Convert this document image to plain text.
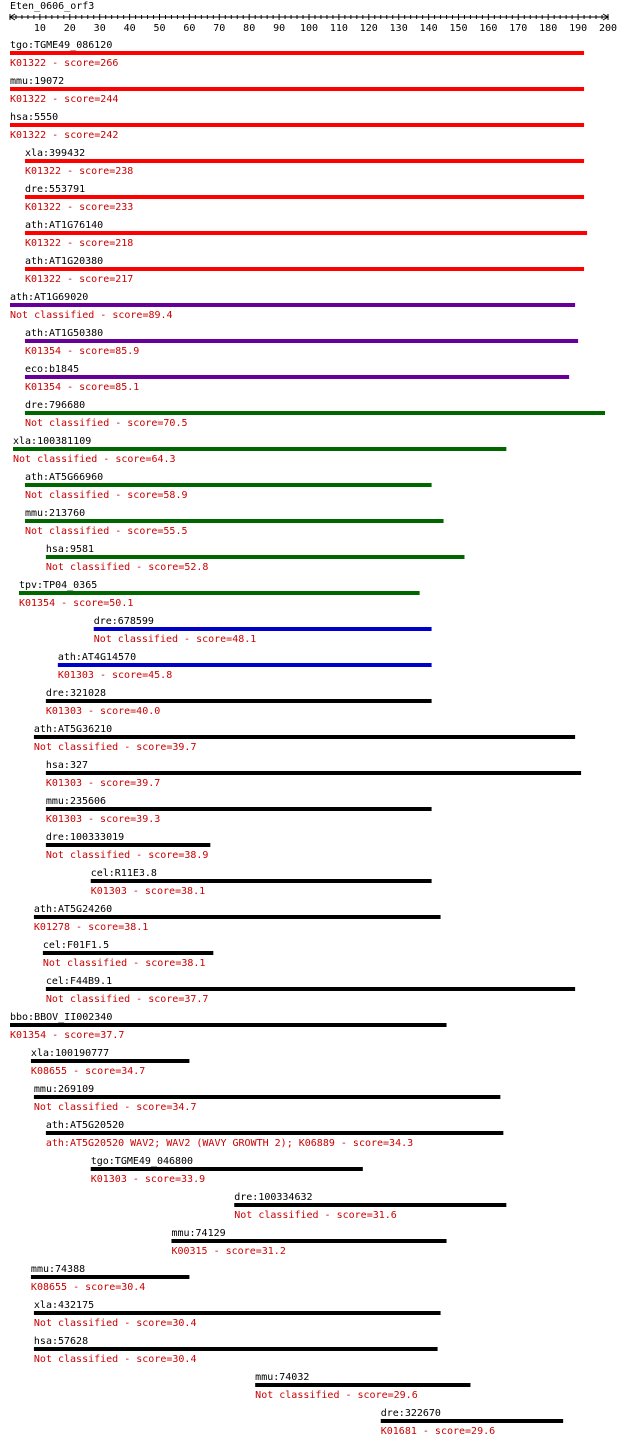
Eten_0606_orf3
10 20 30 40 50 60 70 80 90 100 110 120 130 140 150 160 170 180 190 200
tgo:TGME49_086120
K01322 - score=266
mmu:19072
K01322 - score=244
hsa:5550
K01322 - score=242
xla:399432
K01322 - score=238
dre:553791
K01322 - score=233
ath:AT1G76140
K01322 - score=218
ath:AT1G20380
K01322 - score=217
ath:AT1G69020
Not classified - score=89.4
ath:AT1G50380
K01354 - score=85.9
eco:b1845
K01354 - score=85.1
dre:796680
Not classified - score=70.5
xla:100381109
Not classified - score=64.3
ath:AT5G66960
Not classified - score=58.9
mmu:213760
Not classified - score=55.5
hsa:9581
Not classified - score=52.8
tpv:TP04_0365
K01354 - score=50.1
dre:678599
Not classified - score=48.1
ath:AT4G14570
K01303 - score=45.8
dre:321028
K01303 - score=40.0
ath:AT5G36210
Not classified - score=39.7
hsa:327
K01303 - score=39.7
mmu:235606
K01303 - score=39.3
dre:100333019
Not classified - score=38.9
cel:R11E3.8
K01303 - score=38.1
ath:AT5G24260
K01278 - score=38.1
cel:F01F1.5
Not classified - score=38.1
cel:F44B9.1
Not classified - score=37.7
bbo:BBOV_II002340
K01354 - score=37.7
xla:100190777
K08655 - score=34.7
mmu:269109
Not classified - score=34.7
ath:AT5G20520
ath:AT5G20520 WAV2; WAV2 (WAVY GROWTH 2); K06889 - score=34.3
tgo:TGME49_046800
K01303 - score=33.9
dre:100334632
Not classified - score=31.6
mmu:74129
K00315 - score=31.2
mmu:74388
K08655 - score=30.4
xla:432175
Not classified - score=30.4
hsa:57628
Not classified - score=30.4
mmu:74032
Not classified - score=29.6
dre:322670
K01681 - score=29.6
